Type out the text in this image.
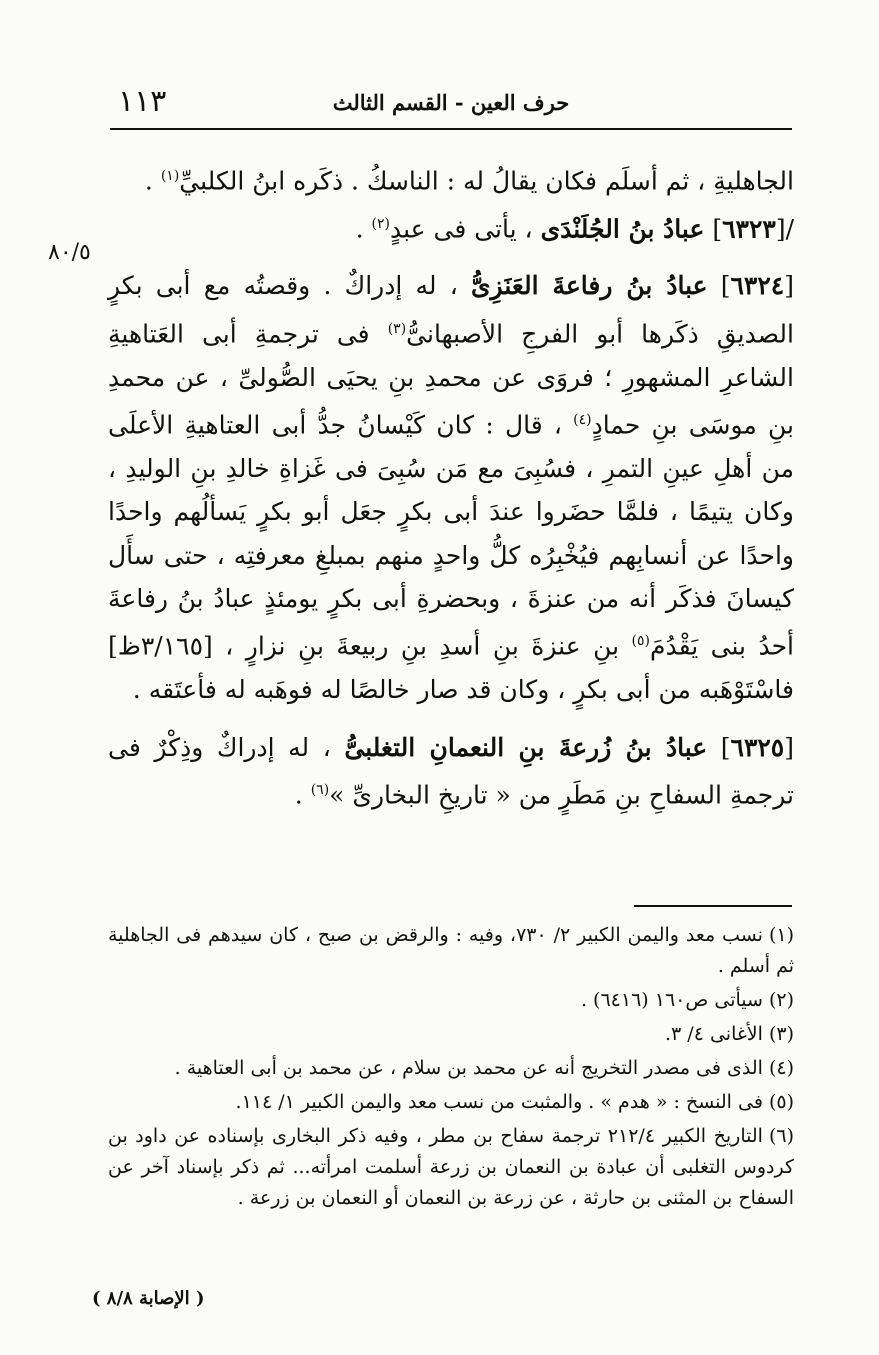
١١٣	حرف العين - القسم الثالث
٨٠/٥

الجاهليةِ ، ثم أسلَم فكان يقالُ له : الناسكُ . ذكَره ابنُ الكلبيِّ$^{(١)}$ .

/[٦٣٢٣] عبادُ بنُ الجُلَنْدَى ، يأتى فى عبدٍ$^{(٢)}$ .

[٦٣٢٤] عبادُ بنُ رفاعةَ العَنَزِىُّ ، له إدراكٌ . وقصتُه مع أبى بكرٍ الصديقِ ذكَرها أبو الفرجِ الأصبهانىُّ$^{(٣)}$ فى ترجمةِ أبى العَتاهيةِ الشاعرِ المشهورِ ؛ فروَى عن محمدِ بنِ يحيَى الصُّولىِّ ، عن محمدِ بنِ موسَى بنِ حمادٍ$^{(٤)}$ ، قال : كان كَيْسانُ جدُّ أبى العتاهيةِ الأعلَى من أهلِ عينِ التمرِ ، فسُبِىَ مع مَن سُبِىَ فى غَزاةِ خالدِ بنِ الوليدِ ، وكان يتيمًا ، فلمَّا حضَروا عندَ أبى بكرٍ جعَل أبو بكرٍ يَسألُهم واحدًا واحدًا عن أنسابِهم فيُخْبِرُه كلُّ واحدٍ منهم بمبلغِ معرفتِه ، حتى سأَل كيسانَ فذكَر أنه من عنزةَ ، وبحضرةِ أبى بكرٍ يومئذٍ عبادُ بنُ رفاعةَ أحدُ بنى يَقْدُمَ$^{(٥)}$ بنِ عنزةَ بنِ أسدِ بنِ ربيعةَ بنِ نزارٍ ، [٣/١٦٥ظ] فاسْتَوْهَبه من أبى بكرٍ ، وكان قد صار خالصًا له فوهَبه له فأعتَقه .

[٦٣٢٥] عبادُ بنُ زُرعةَ بنِ النعمانِ التغلبىُّ ، له إدراكٌ وذِكْرٌ فى ترجمةِ السفاحِ بنِ مَطَرٍ من « تاريخِ البخارىِّ »$^{(٦)}$ .

(١)نسب معد واليمن الكبير ٢/ ٧٣٠، وفيه : والرقض بن صبح ، كان سيدهم فى الجاهلية ثم أسلم .

(٢)سيأتى ص١٦٠ (٦٤١٦) .

(٣)الأغانى ٤/ ٣.

(٤)الذى فى مصدر التخريج أنه عن محمد بن سلام ، عن محمد بن أبى العتاهية .

(٥)فى النسخ : « هدم » . والمثبت من نسب معد واليمن الكبير ١/ ١١٤.

(٦)التاريخ الكبير ٢١٢/٤ ترجمة سفاح بن مطر ، وفيه ذكر البخارى بإسناده عن داود بن كردوس التغلبى أن عبادة بن النعمان بن زرعة أسلمت امرأته... ثم ذكر بإسناد آخر عن السفاح بن المثنى بن حارثة ، عن زرعة بن النعمان أو النعمان بن زرعة .

( الإصابة ٨/٨ )
